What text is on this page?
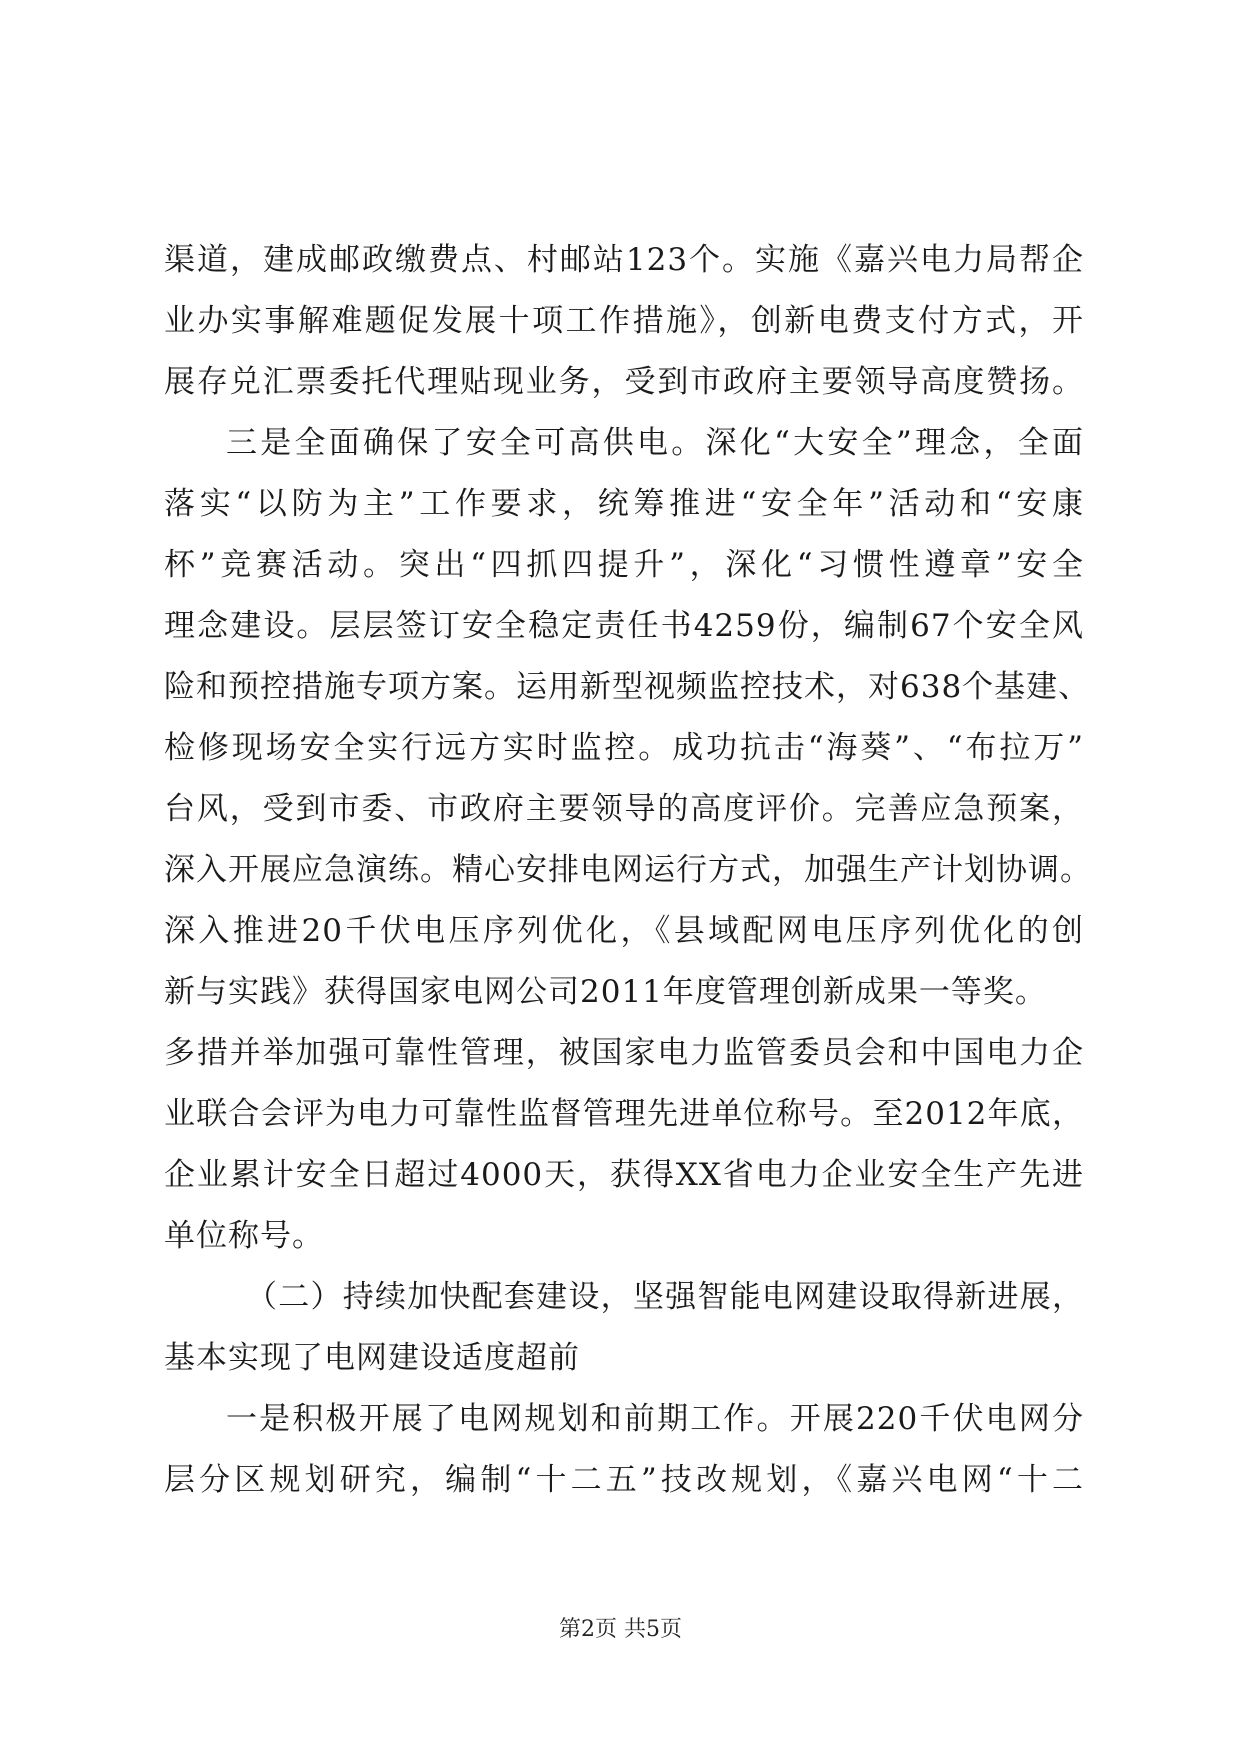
渠道，建成邮政缴费点、村邮站123个。实施《嘉兴电力局帮企
业办实事解难题促发展十项工作措施》，创新电费支付方式，开
展存兑汇票委托代理贴现业务，受到市政府主要领导高度赞扬。
三是全面确保了安全可高供电。深化“大安全”理念，全面
落实“以防为主”工作要求，统筹推进“安全年”活动和“安康
杯”竞赛活动。突出“四抓四提升”，深化“习惯性遵章”安全
理念建设。层层签订安全稳定责任书4259份，编制67个安全风
险和预控措施专项方案。运用新型视频监控技术，对638个基建、
检修现场安全实行远方实时监控。成功抗击“海葵”、“布拉万”
台风，受到市委、市政府主要领导的高度评价。完善应急预案，
深入开展应急演练。精心安排电网运行方式，加强生产计划协调。
深入推进20千伏电压序列优化，《县域配网电压序列优化的创
新与实践》获得国家电网公司2011年度管理创新成果一等奖。
多措并举加强可靠性管理，被国家电力监管委员会和中国电力企
业联合会评为电力可靠性监督管理先进单位称号。至2012年底，
企业累计安全日超过4000天，获得XX省电力企业安全生产先进
单位称号。
（二）持续加快配套建设，坚强智能电网建设取得新进展，
基本实现了电网建设适度超前
一是积极开展了电网规划和前期工作。开展220千伏电网分
层分区规划研究，编制“十二五”技改规划，《嘉兴电网“十二
第2页 共5页
